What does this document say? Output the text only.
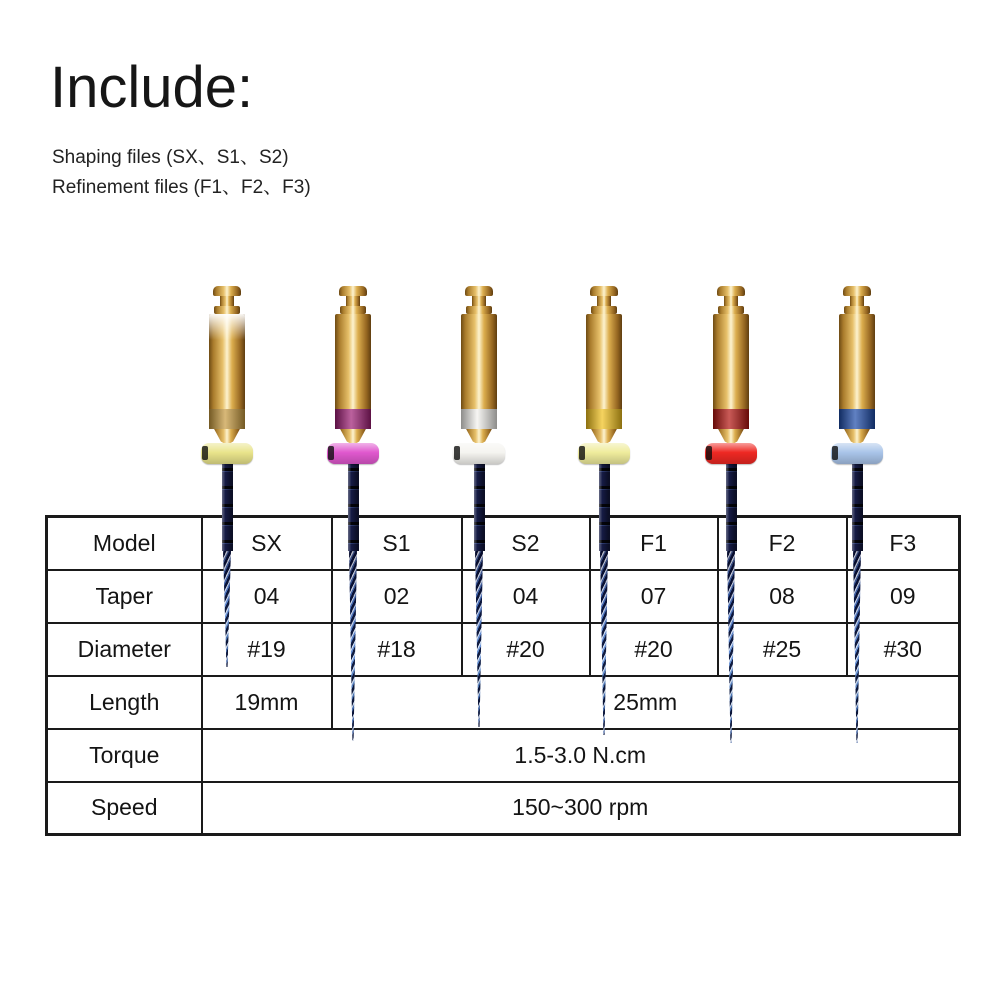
Include:
Shaping files (SX、S1、S2)
Refinement files (F1、F2、F3)
Model	SX	S1	S2	F1	F2	F3
Taper	04	02	04	07	08	09
Diameter	#19	#18	#20	#20	#25	#30
Length	19mm	25mm				
Torque	1.5-3.0 N.cm					
Speed	150~300 rpm					
